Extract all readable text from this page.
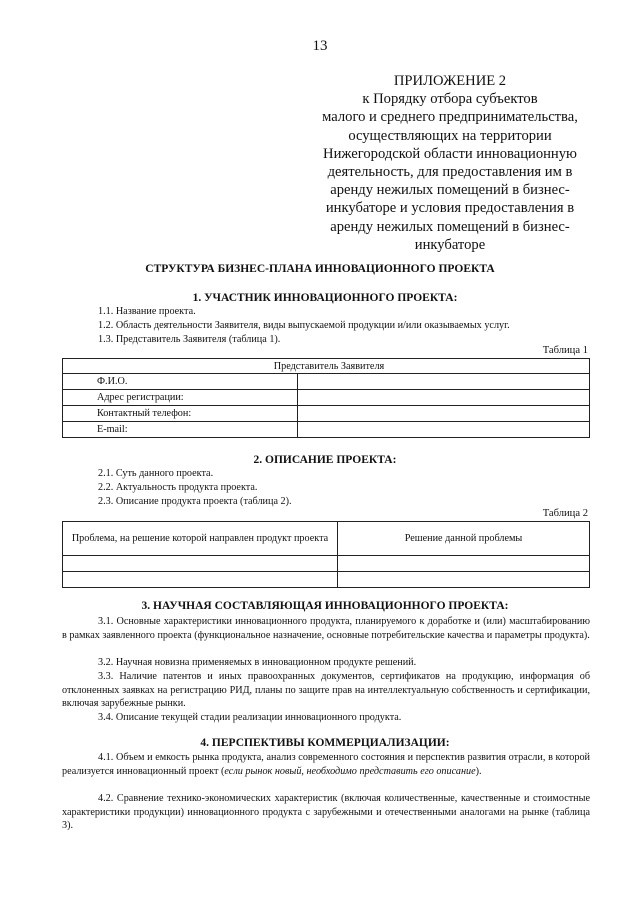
13
ПРИЛОЖЕНИЕ 2
к Порядку отбора субъектов
малого и среднего предпринимательства,
осуществляющих на территории
Нижегородской области инновационную
деятельность, для предоставления им в
аренду нежилых помещений в бизнес-
инкубаторе и условия предоставления в
аренду нежилых помещений в бизнес-
инкубаторе
СТРУКТУРА БИЗНЕС-ПЛАНА ИННОВАЦИОННОГО ПРОЕКТА
1. УЧАСТНИК ИННОВАЦИОННОГО ПРОЕКТА:
1.1. Название проекта.
1.2. Область деятельности Заявителя, виды выпускаемой продукции и/или оказываемых услуг.
1.3. Представитель Заявителя (таблица 1).
Таблица 1
Представитель Заявителя	
Ф.И.О.	
Адрес регистрации:	
Контактный телефон:	
E-mail:	
2. ОПИСАНИЕ ПРОЕКТА:
2.1. Суть данного проекта.
2.2. Актуальность продукта проекта.
2.3. Описание продукта проекта (таблица 2).
Таблица 2
Проблема, на решение которой направлен продукт проекта	Решение данной проблемы

3. НАУЧНАЯ СОСТАВЛЯЮЩАЯ ИННОВАЦИОННОГО ПРОЕКТА:
3.1. Основные характеристики инновационного продукта, планируемого к доработке и (или) масштабированию в рамках заявленного проекта (функциональное назначение, основные потребительские качества и параметры продукта).
3.2. Научная новизна применяемых в инновационном продукте решений.
3.3. Наличие патентов и иных правоохранных документов, сертификатов на продукцию, информация об отклоненных заявках на регистрацию РИД, планы по защите прав на интеллектуальную собственность и сертификации, включая зарубежные рынки.
3.4. Описание текущей стадии реализации инновационного продукта.
4. ПЕРСПЕКТИВЫ КОММЕРЦИАЛИЗАЦИИ:
4.1. Объем и емкость рынка продукта, анализ современного состояния и перспектив развития отрасли, в которой реализуется инновационный проект (если рынок новый, необходимо представить его описание).
4.2. Сравнение технико-экономических характеристик (включая количественные, качественные и стоимостные характеристики продукции) инновационного продукта с зарубежными и отечественными аналогами на рынке (таблица 3).
